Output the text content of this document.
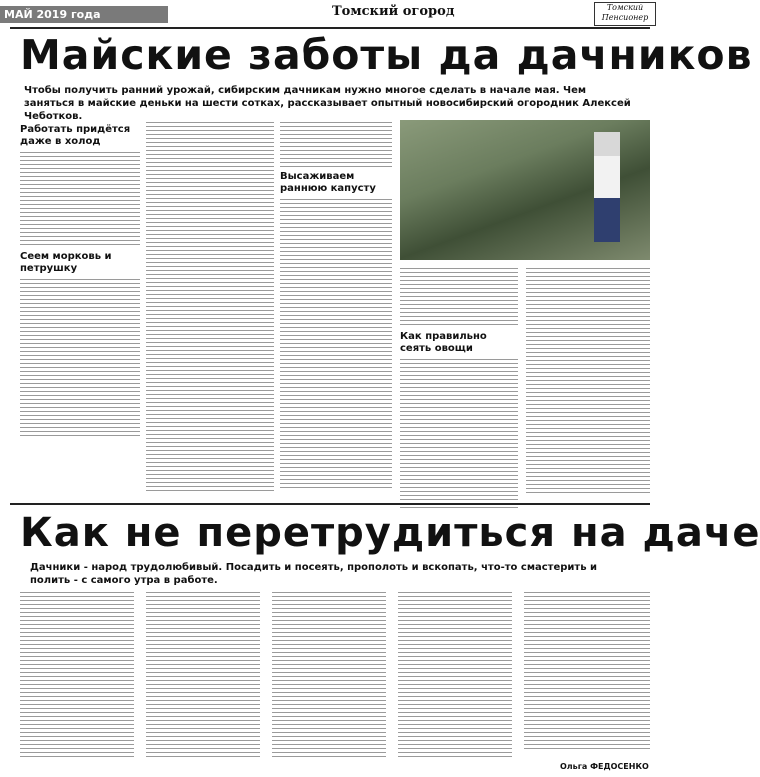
МАЙ 2019 года	Томский огород	Томский Пенсионер
Майские заботы да дачников
Чтобы получить ранний урожай, сибирским дачникам нужно многое сделать в начале мая. Чем заняться в майские деньки на шести сотках, рассказывает опытный новосибирский огородник Алексей Чеботков.
Работать придётся даже в холод
Сеем морковь и петрушку
Высаживаем раннюю капусту
Как правильно сеять овощи
Как не перетрудиться на даче
Дачники - народ трудолюбивый. Посадить и посеять, прополоть и вскопать, что-то смастерить и полить - с самого утра в работе.
Ольга ФЕДОСЕНКО
